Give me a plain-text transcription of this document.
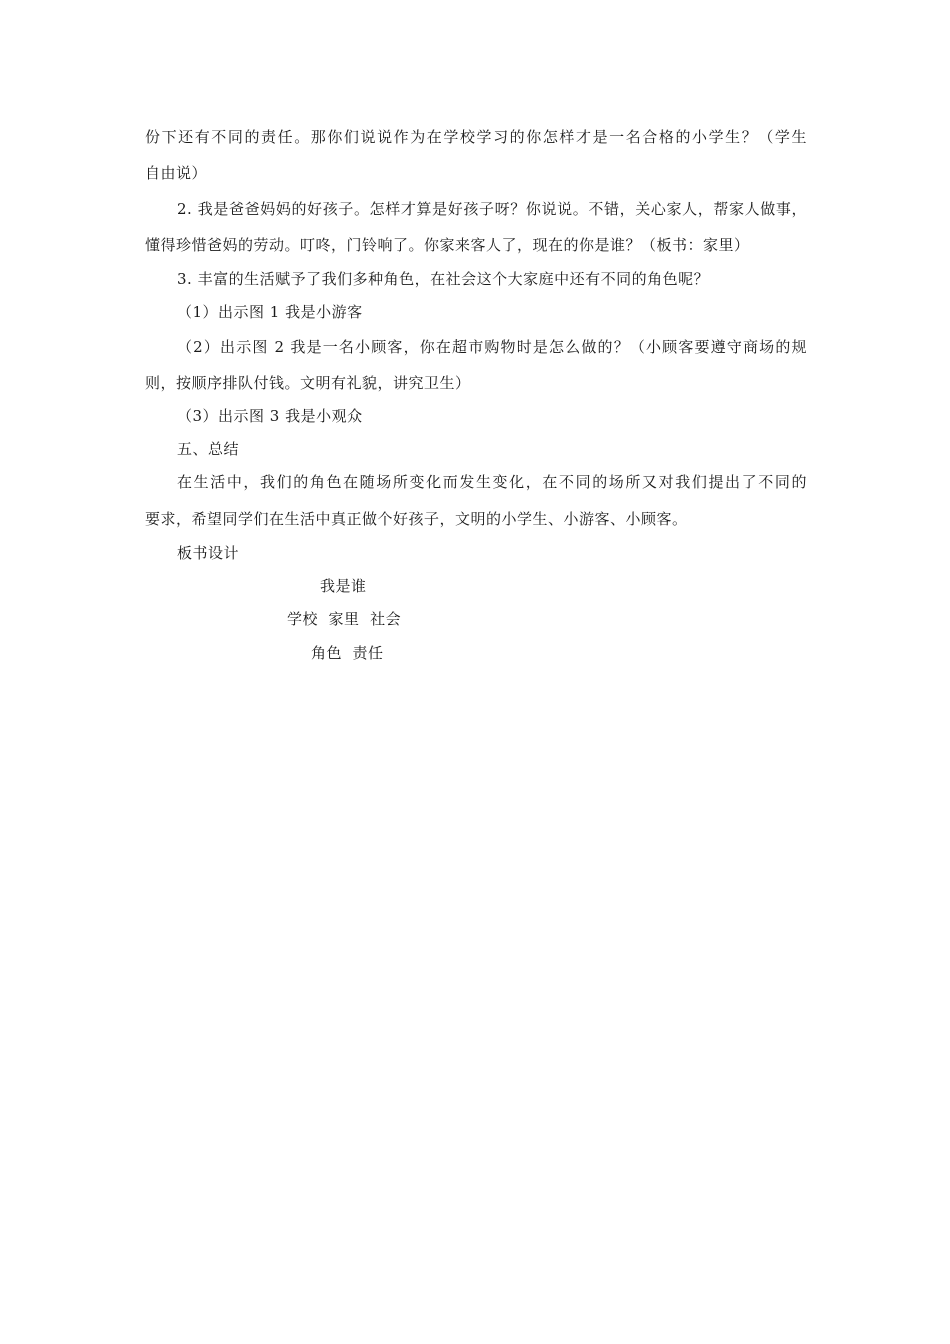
份下还有不同的责任。那你们说说作为在学校学习的你怎样才是一名合格的小学生？（学生
自由说）
2. 我是爸爸妈妈的好孩子。怎样才算是好孩子呀？你说说。不错，关心家人，帮家人做事，
懂得珍惜爸妈的劳动。叮咚，门铃响了。你家来客人了，现在的你是谁？（板书：家里）
3. 丰富的生活赋予了我们多种角色，在社会这个大家庭中还有不同的角色呢？
（1）出示图 1 我是小游客
（2）出示图 2 我是一名小顾客，你在超市购物时是怎么做的？（小顾客要遵守商场的规
则，按顺序排队付钱。文明有礼貌，讲究卫生）
（3）出示图 3 我是小观众
五、总结
在生活中，我们的角色在随场所变化而发生变化，在不同的场所又对我们提出了不同的
要求，希望同学们在生活中真正做个好孩子，文明的小学生、小游客、小顾客。
板书设计
我是谁
学校  家里  社会
角色  责任
